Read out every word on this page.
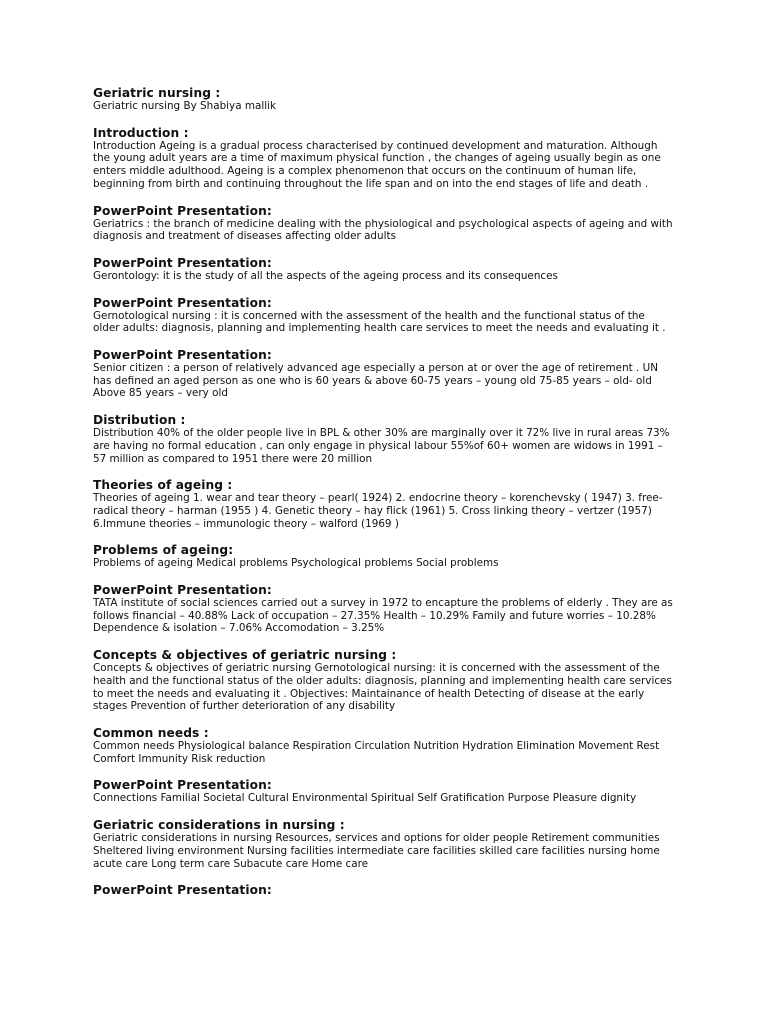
Geriatric nursing :

Geriatric nursing By Shabiya mallik

Introduction :

Introduction Ageing is a gradual process characterised by continued development and maturation. Although the young adult years are a time of maximum physical function , the changes of ageing usually begin as one enters middle adulthood. Ageing is a complex phenomenon that occurs on the continuum of human life, beginning from birth and continuing throughout the life span and on into the end stages of life and death .

PowerPoint Presentation:

Geriatrics : the branch of medicine dealing with the physiological and psychological aspects of ageing and with diagnosis and treatment of diseases affecting older adults

PowerPoint Presentation:

Gerontology: it is the study of all the aspects of the ageing process and its consequences

PowerPoint Presentation:

Gernotological nursing : it is concerned with the assessment of the health and the functional status of the older adults: diagnosis, planning and implementing health care services to meet the needs and evaluating it .

PowerPoint Presentation:

Senior citizen : a person of relatively advanced age especially a person at or over the age of retirement . UN has defined an aged person as one who is 60 years & above 60-75 years – young old 75-85 years – old- old Above 85 years – very old

Distribution :

Distribution 40% of the older people live in BPL & other 30% are marginally over it 72% live in rural areas 73% are having no formal education , can only engage in physical labour 55%of 60+ women are widows in 1991 – 57 million as compared to 1951 there were 20 million

Theories of ageing :

Theories of ageing 1. wear and tear theory – pearl( 1924) 2. endocrine theory – korenchevsky ( 1947) 3. free-radical theory – harman (1955 ) 4. Genetic theory – hay flick (1961) 5. Cross linking theory – vertzer (1957) 6.Immune theories – immunologic theory – walford (1969 )

Problems of ageing:

Problems of ageing Medical problems Psychological problems Social problems

PowerPoint Presentation:

TATA institute of social sciences carried out a survey in 1972 to encapture the problems of elderly . They are as follows financial – 40.88% Lack of occupation – 27.35% Health – 10.29% Family and future worries – 10.28% Dependence & isolation – 7.06% Accomodation – 3.25%

Concepts & objectives of geriatric nursing :

Concepts & objectives of geriatric nursing Gernotological nursing: it is concerned with the assessment of the health and the functional status of the older adults: diagnosis, planning and implementing health care services to meet the needs and evaluating it . Objectives: Maintainance of health Detecting of disease at the early stages Prevention of further deterioration of any disability

Common needs :

Common needs Physiological balance Respiration Circulation Nutrition Hydration Elimination Movement Rest Comfort Immunity Risk reduction

PowerPoint Presentation:

Connections Familial Societal Cultural Environmental Spiritual Self Gratification Purpose Pleasure dignity

Geriatric considerations in nursing :

Geriatric considerations in nursing Resources, services and options for older people Retirement communities Sheltered living environment Nursing facilities intermediate care facilities skilled care facilities nursing home acute care Long term care Subacute care Home care

PowerPoint Presentation:
